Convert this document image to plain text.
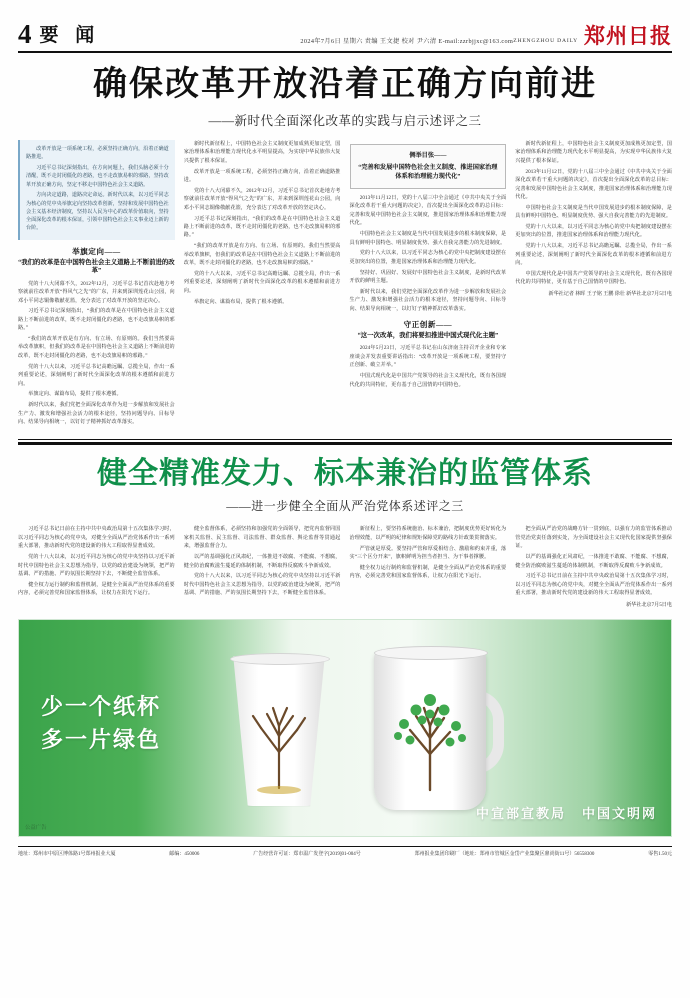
4 要 闻	2024年7月6日 星期六 责编 王文捷 校对 尹六清 E-mail:zzrbjjxc@163.com ZHENGZHOU DAILY 郑州日报
确保改革开放沿着正确方向前进
——新时代全面深化改革的实践与启示述评之三

改革开放是一项系统工程，必须坚持正确方向，沿着正确道路推进。

习近平总书记深刻指出，在方向问题上，我们头脑必须十分清醒，既不走封闭僵化的老路，也不走改旗易帜的邪路，坚持改革开放正确方向，坚定不移走中国特色社会主义道路。

方向决定道路，道路决定命运。新时代以来，以习近平同志为核心的党中央举旗定向坚持改革创新，坚持和发展中国特色社会主义基本经济制度，坚持以人民为中心的改革价值取向，坚持全面深化改革的根本保证，引领中国特色社会主义事业迈上新的台阶。

举旗定向——
“我们的改革是在中国特色社会主义道路上不断前进的改革”

党的十八大闭幕不久，2012年12月，习近平总书记首次赴地方考察就前往改革开放“得风气之先”的广东，并来到深圳莲花山公园，向邓小平同志铜像敬献花篮，充分表达了对改革开放的坚定决心。

习近平总书记深刻指出，“我们的改革是在中国特色社会主义道路上不断前进的改革，既不走封闭僵化的老路，也不走改旗易帜的邪路。”

“我们的改革开放是有方向、有立场、有原则的。我们当然要高举改革旗帜，但我们的改革是在中国特色社会主义道路上不断前进的改革，既不走封闭僵化的老路，也不走改旗易帜的邪路。”

党的十八大以来，习近平总书记高瞻远瞩、总揽全局，作出一系列重要论述，深刻阐明了新时代全面深化改革的根本遵循和前进方向。

举旗定向、谋篇布局，提供了根本遵循。

新时代以来，我们党把全面深化改革作为进一步解放和发展社会生产力、激发和增强社会活力的根本途径，坚持问题导向、目标导向、结果导向相统一，以钉钉子精神抓好改革落实。

新时代新征程上，中国特色社会主义制度更加成熟更加定型，国家治理体系和治理能力现代化水平明显提高，为实现中华民族伟大复兴提供了根本保证。

改革开放是一项系统工程，必须坚持正确方向，沿着正确道路推进。

党的十八大闭幕不久，2012年12月，习近平总书记首次赴地方考察就前往改革开放“得风气之先”的广东，并来到深圳莲花山公园，向邓小平同志铜像敬献花篮，充分表达了对改革开放的坚定决心。

习近平总书记深刻指出，“我们的改革是在中国特色社会主义道路上不断前进的改革，既不走封闭僵化的老路，也不走改旗易帜的邪路。”

“我们的改革开放是有方向、有立场、有原则的。我们当然要高举改革旗帜，但我们的改革是在中国特色社会主义道路上不断前进的改革，既不走封闭僵化的老路，也不走改旗易帜的邪路。”

党的十八大以来，习近平总书记高瞻远瞩、总揽全局，作出一系列重要论述，深刻阐明了新时代全面深化改革的根本遵循和前进方向。

举旗定向、谋篇布局，提供了根本遵循。

侧举目张——
“完善和发展中国特色社会主义制度、推进国家治理体系和治理能力现代化”

2013年11月12日，党的十八届三中全会通过《中共中央关于全面深化改革若干重大问题的决定》，首次提出全面深化改革的总目标：完善和发展中国特色社会主义制度，推进国家治理体系和治理能力现代化。

中国特色社会主义制度是当代中国发展进步的根本制度保障，是具有鲜明中国特色、明显制度优势、强大自我完善能力的先进制度。

党的十八大以来，以习近平同志为核心的党中央把制度建设摆在更加突出的位置，推进国家治理体系和治理能力现代化。

坚持好、巩固好、发展好中国特色社会主义制度，是新时代改革开放的鲜明主题。

新时代以来，我们党把全面深化改革作为进一步解放和发展社会生产力、激发和增强社会活力的根本途径，坚持问题导向、目标导向、结果导向相统一，以钉钉子精神抓好改革落实。

守正创新——
“这一次改革，我们将要扣推进中国式现代化主题”

2024年5月23日，习近平总书记在山东济南主持召开企业和专家座谈会并发表重要讲话指出：“改革开放是一项系统工程，要坚持守正创新、破立并举。”

中国式现代化是中国共产党领导的社会主义现代化，既有各国现代化的共同特征，更有基于自己国情的中国特色。

新时代新征程上，中国特色社会主义制度更加成熟更加定型，国家治理体系和治理能力现代化水平明显提高，为实现中华民族伟大复兴提供了根本保证。

2013年11月12日，党的十八届三中全会通过《中共中央关于全面深化改革若干重大问题的决定》，首次提出全面深化改革的总目标：完善和发展中国特色社会主义制度，推进国家治理体系和治理能力现代化。

中国特色社会主义制度是当代中国发展进步的根本制度保障，是具有鲜明中国特色、明显制度优势、强大自我完善能力的先进制度。

党的十八大以来，以习近平同志为核心的党中央把制度建设摆在更加突出的位置，推进国家治理体系和治理能力现代化。

党的十八大以来，习近平总书记高瞻远瞩、总揽全局，作出一系列重要论述，深刻阐明了新时代全面深化改革的根本遵循和前进方向。

中国式现代化是中国共产党领导的社会主义现代化，既有各国现代化的共同特征，更有基于自己国情的中国特色。

新华社记者 林晖 王子铭 王鹏 徐壮 新华社北京7月5日电
健全精准发力、标本兼治的监管体系
——进一步健全全面从严治党体系述评之三

习近平总书记日前在主持中共中央政治局第十五次集体学习时，以习近平同志为核心的党中央，对健全全面从严治党体系作出一系列重大部署，推动新时代党的建设新的伟大工程取得显著成效。

党的十八大以来，以习近平同志为核心的党中央坚持以习近平新时代中国特色社会主义思想为指导，以党的政治建设为统领，把严的基调、严的措施、严的氛围长期坚持下去，不断健全监管体系。

健全权力运行制约和监督机制，是健全全面从严治党体系的重要内容，必须完善党和国家监督体系，让权力在阳光下运行。

健全监督体系，必须坚持和加强党的全面领导，把党内监督同国家机关监督、民主监督、司法监督、群众监督、舆论监督等贯通起来，增强监督合力。

以严的基调强化正风肃纪，一体推进不敢腐、不能腐、不想腐，健全防治腐败滋生蔓延的体制机制，不断取得反腐败斗争新成效。

党的十八大以来，以习近平同志为核心的党中央坚持以习近平新时代中国特色社会主义思想为指导，以党的政治建设为统领，把严的基调、严的措施、严的氛围长期坚持下去，不断健全监管体系。

新征程上，要坚持系统施治、标本兼治，把制度优势更好转化为治理效能，以严明的纪律和规矩保障党的路线方针政策贯彻落实。

严管就是厚爱。要坚持严管和厚爱相结合、激励和约束并重，落实“三个区分开来”，旗帜鲜明为担当者担当、为干事者撑腰。

健全权力运行制约和监督机制，是健全全面从严治党体系的重要内容，必须完善党和国家监督体系，让权力在阳光下运行。

把全面从严治党的战略方针一贯到底，以强有力的监管体系推动管党治党责任落到实处，为全面建设社会主义现代化国家提供坚强保证。

以严的基调强化正风肃纪，一体推进不敢腐、不能腐、不想腐，健全防治腐败滋生蔓延的体制机制，不断取得反腐败斗争新成效。

习近平总书记日前在主持中共中央政治局第十五次集体学习时，以习近平同志为核心的党中央，对健全全面从严治党体系作出一系列重大部署，推动新时代党的建设新的伟大工程取得显著成效。

新华社北京7月5日电
少一个纸杯
多一片绿色
公益广告
中宣部宣教局 中国文明网
地址：郑州市中原区博体路1号郑州报业大厦	邮编：450006	广告经营许可证：郑市温广发登字[2019]01-004号	郑州报业集团印刷厂（地址：郑州市管城区金岱产业集聚区鼎尚街11号）56558300	零售1.50元
